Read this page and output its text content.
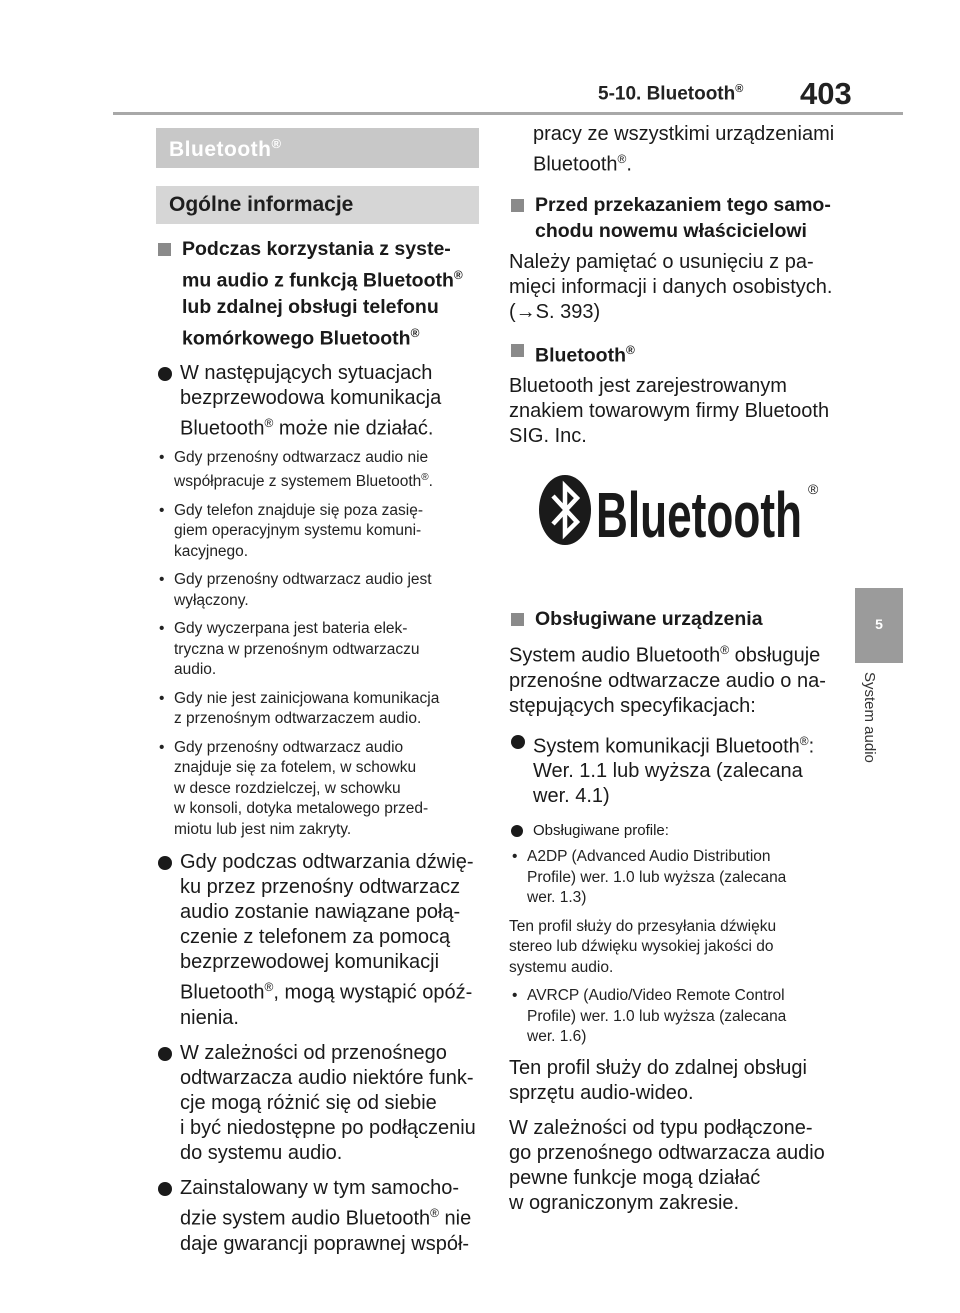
5-10. Bluetooth® 403
5
System audio
Bluetooth®
Ogólne informacje
Podczas korzystania z syste-
mu audio z funkcją Bluetooth®
lub zdalnej obsługi telefonu
komórkowego Bluetooth®
W następujących sytuacjach
bezprzewodowa komunikacja
Bluetooth® może nie działać.
• Gdy przenośny odtwarzacz audio nie
współpracuje z systemem Bluetooth®.
• Gdy telefon znajduje się poza zasię-
giem operacyjnym systemu komuni-
kacyjnego.
• Gdy przenośny odtwarzacz audio jest
wyłączony.
• Gdy wyczerpana jest bateria elek-
tryczna w przenośnym odtwarzaczu
audio.
• Gdy nie jest zainicjowana komunikacja
z przenośnym odtwarzaczem audio.
• Gdy przenośny odtwarzacz audio
znajduje się za fotelem, w schowku
w desce rozdzielczej, w schowku
w konsoli, dotyka metalowego przed-
miotu lub jest nim zakryty.
Gdy podczas odtwarzania dźwię-
ku przez przenośny odtwarzacz
audio zostanie nawiązane połą-
czenie z telefonem za pomocą
bezprzewodowej komunikacji
Bluetooth®, mogą wystąpić opóź-
nienia.
W zależności od przenośnego
odtwarzacza audio niektóre funk-
cje mogą różnić się od siebie
i być niedostępne po podłączeniu
do systemu audio.
Zainstalowany w tym samocho-
dzie system audio Bluetooth® nie
daje gwarancji poprawnej współ-
pracy ze wszystkimi urządzeniami
Bluetooth®.
Przed przekazaniem tego samo-
chodu nowemu właścicielowi
Należy pamiętać o usunięciu z pa-
mięci informacji i danych osobistych.
(→S. 393)
Bluetooth®
Bluetooth jest zarejestrowanym
znakiem towarowym firmy Bluetooth
SIG. Inc.
Bluetooth ®
Obsługiwane urządzenia
System audio Bluetooth® obsługuje
przenośne odtwarzacze audio o na-
stępujących specyfikacjach:
System komunikacji Bluetooth®:
Wer. 1.1 lub wyższa (zalecana
wer. 4.1)
Obsługiwane profile:
• A2DP (Advanced Audio Distribution
Profile) wer. 1.0 lub wyższa (zalecana
wer. 1.3)
Ten profil służy do przesyłania dźwięku
stereo lub dźwięku wysokiej jakości do
systemu audio.
• AVRCP (Audio/Video Remote Control
Profile) wer. 1.0 lub wyższa (zalecana
wer. 1.6)
Ten profil służy do zdalnej obsługi
sprzętu audio-wideo.
W zależności od typu podłączone-
go przenośnego odtwarzacza audio
pewne funkcje mogą działać
w ograniczonym zakresie.
